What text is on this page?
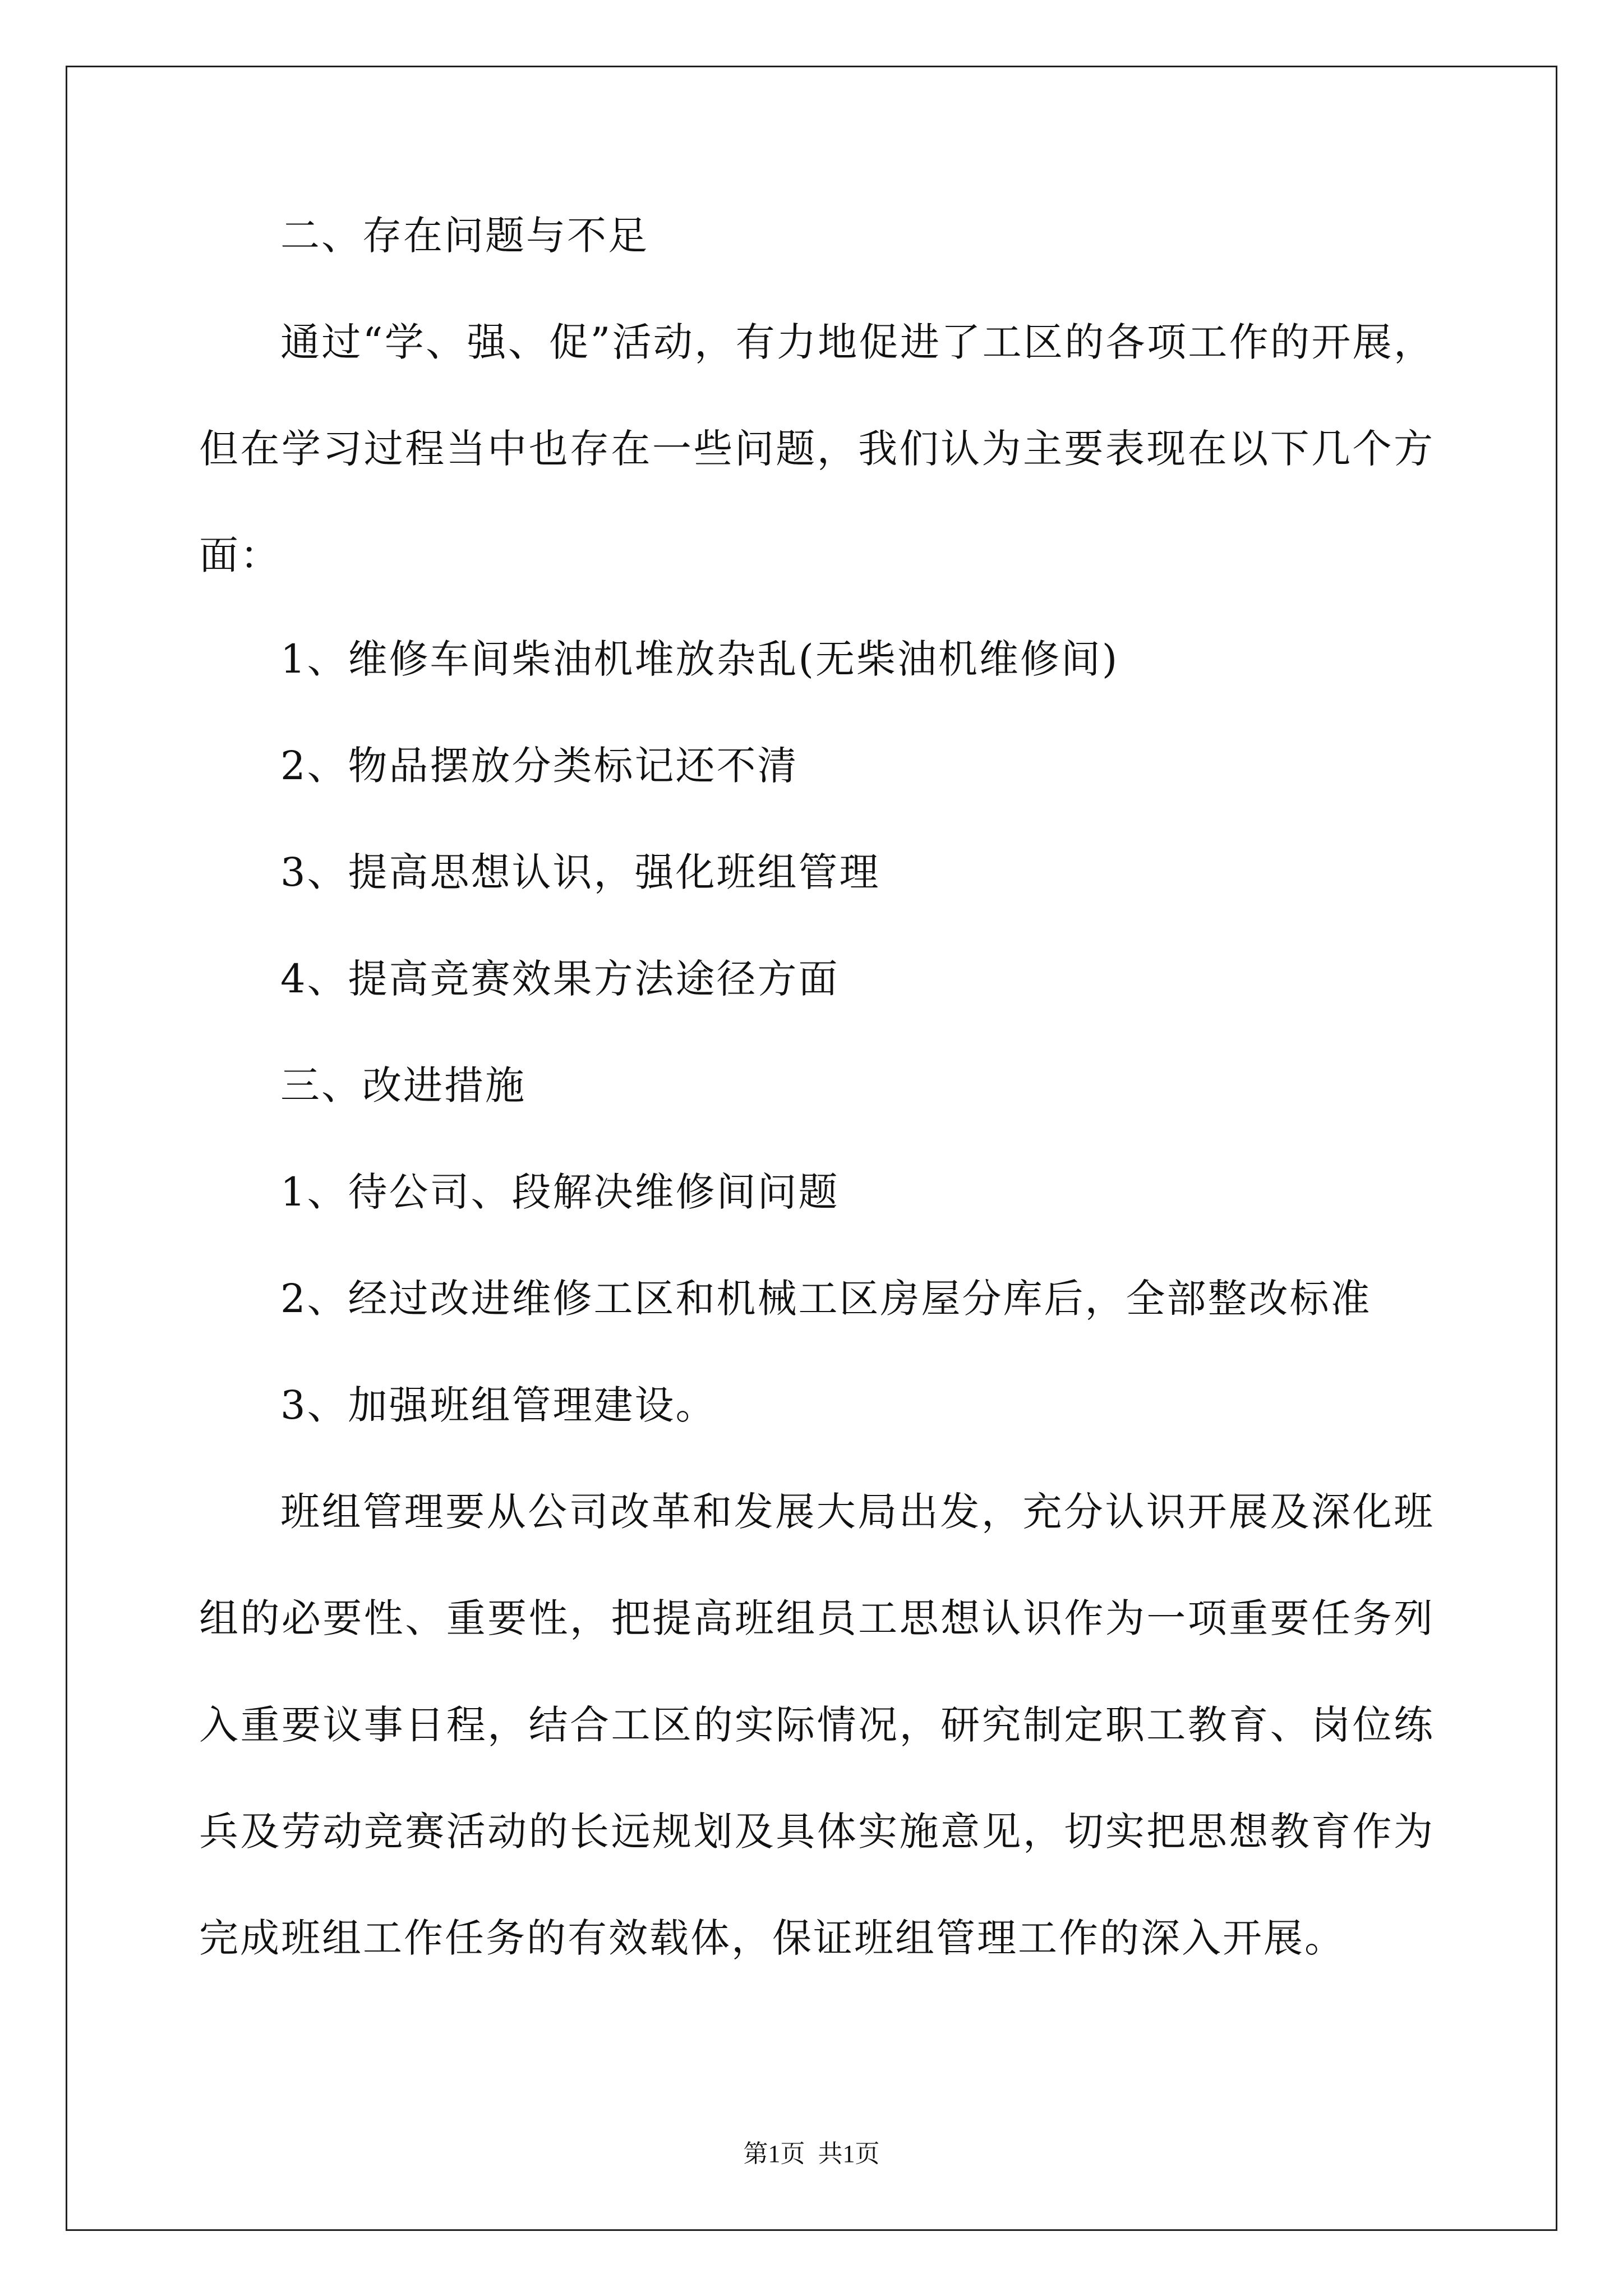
二、存在问题与不足
通过“学、强、促”活动，有力地促进了工区的各项工作的开展，
但在学习过程当中也存在一些问题，我们认为主要表现在以下几个方
面：
1、维修车间柴油机堆放杂乱(无柴油机维修间)
2、物品摆放分类标记还不清
3、提高思想认识，强化班组管理
4、提高竞赛效果方法途径方面
三、改进措施
1、待公司、段解决维修间问题
2、经过改进维修工区和机械工区房屋分库后，全部整改标准
3、加强班组管理建设。
班组管理要从公司改革和发展大局出发，充分认识开展及深化班
组的必要性、重要性，把提高班组员工思想认识作为一项重要任务列
入重要议事日程，结合工区的实际情况，研究制定职工教育、岗位练
兵及劳动竞赛活动的长远规划及具体实施意见，切实把思想教育作为
完成班组工作任务的有效载体，保证班组管理工作的深入开展。
第1页 共1页
